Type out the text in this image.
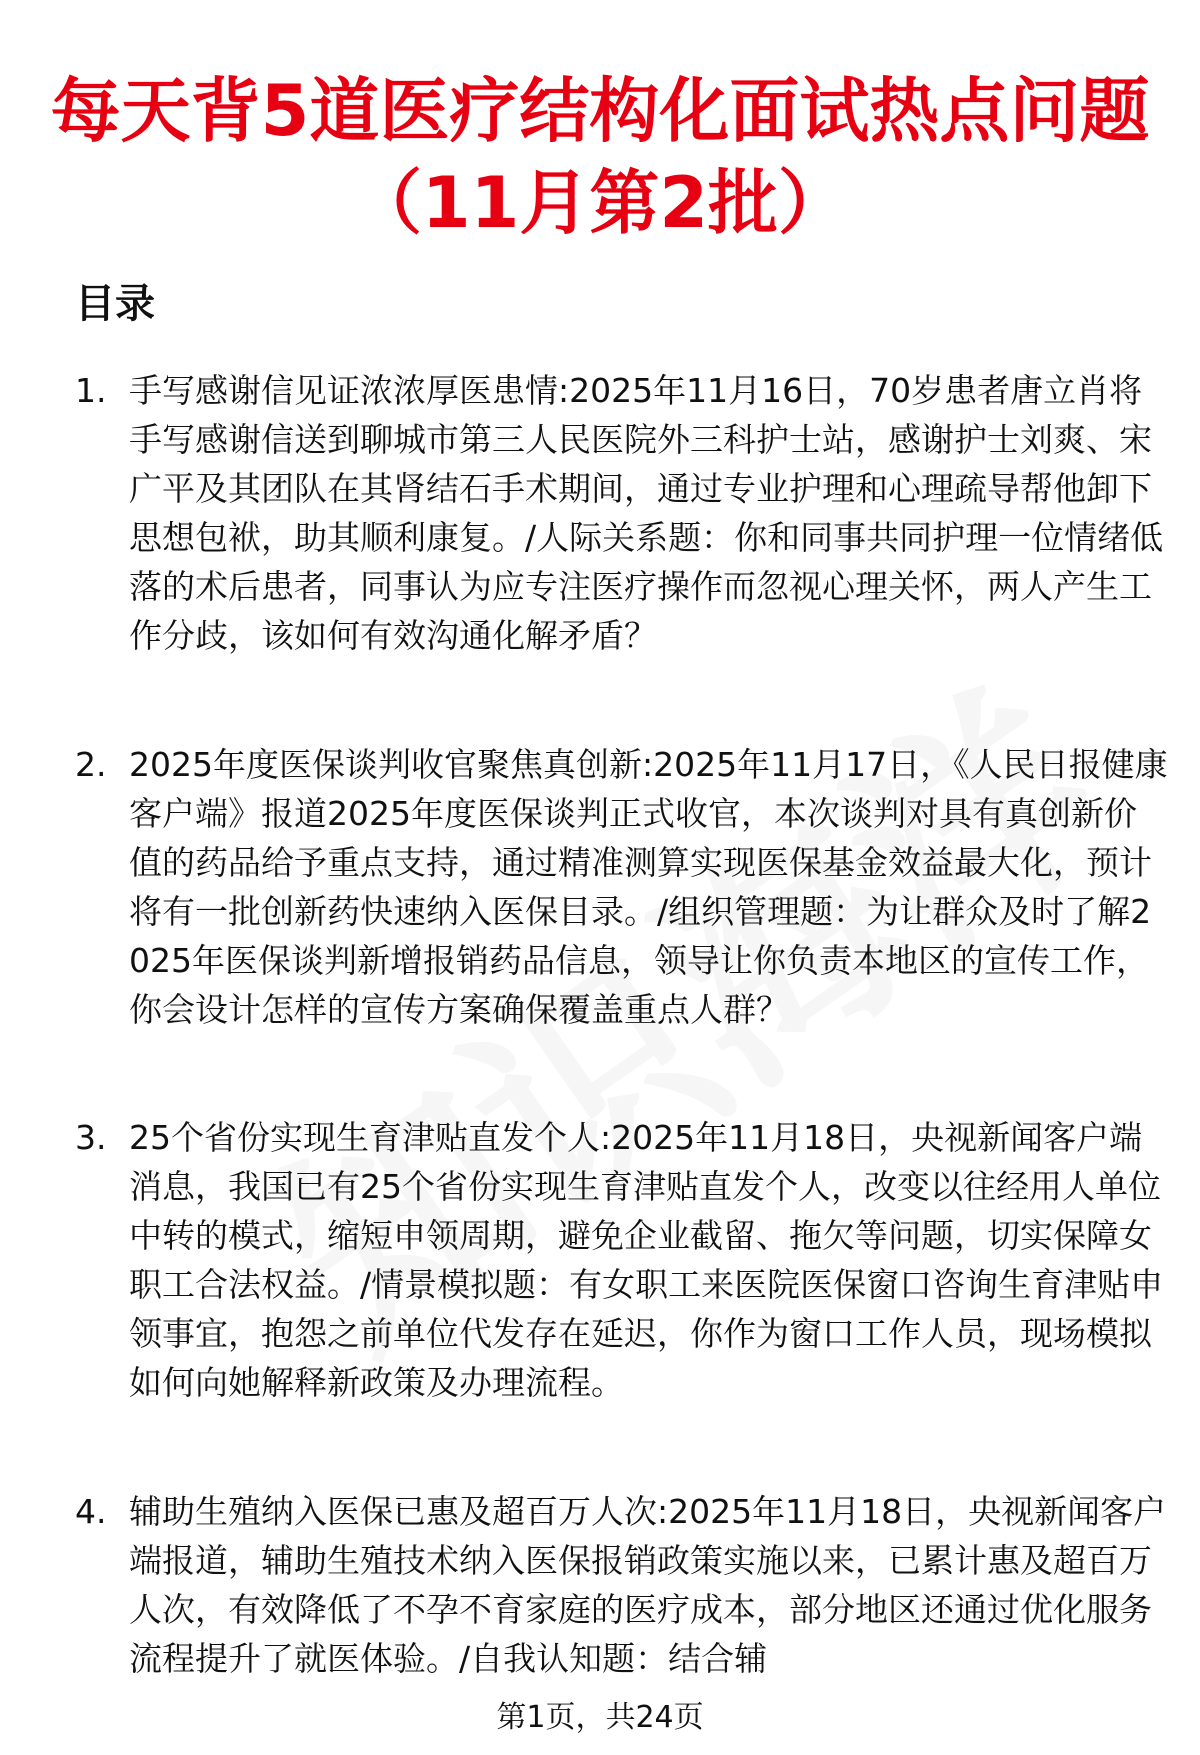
每天背5道医疗结构化面试热点问题
（11月第2批）
目录
1. 手写感谢信见证浓浓厚医患情:2025年11月16日，70岁患者唐立肖将手写感谢信送到聊城市第三人民医院外三科护士站，感谢护士刘爽、宋广平及其团队在其肾结石手术期间，通过专业护理和心理疏导帮他卸下思想包袱，助其顺利康复。/人际关系题：你和同事共同护理一位情绪低落的术后患者，同事认为应专注医疗操作而忽视心理关怀，两人产生工作分歧，该如何有效沟通化解矛盾？
2. 2025年度医保谈判收官聚焦真创新:2025年11月17日，《人民日报健康客户端》报道2025年度医保谈判正式收官，本次谈判对具有真创新价值的药品给予重点支持，通过精准测算实现医保基金效益最大化，预计将有一批创新药快速纳入医保目录。/组织管理题：为让群众及时了解2025年医保谈判新增报销药品信息，领导让你负责本地区的宣传工作，你会设计怎样的宣传方案确保覆盖重点人群？
3. 25个省份实现生育津贴直发个人:2025年11月18日，央视新闻客户端消息，我国已有25个省份实现生育津贴直发个人，改变以往经用人单位中转的模式，缩短申领周期，避免企业截留、拖欠等问题，切实保障女职工合法权益。/情景模拟题：有女职工来医院医保窗口咨询生育津贴申领事宜，抱怨之前单位代发存在延迟，你作为窗口工作人员，现场模拟如何向她解释新政策及办理流程。
4. 辅助生殖纳入医保已惠及超百万人次:2025年11月18日，央视新闻客户端报道，辅助生殖技术纳入医保报销政策实施以来，已累计惠及超百万人次，有效降低了不孕不育家庭的医疗成本，部分地区还通过优化服务流程提升了就医体验。/自我认知题：结合辅
第1页，共24页
